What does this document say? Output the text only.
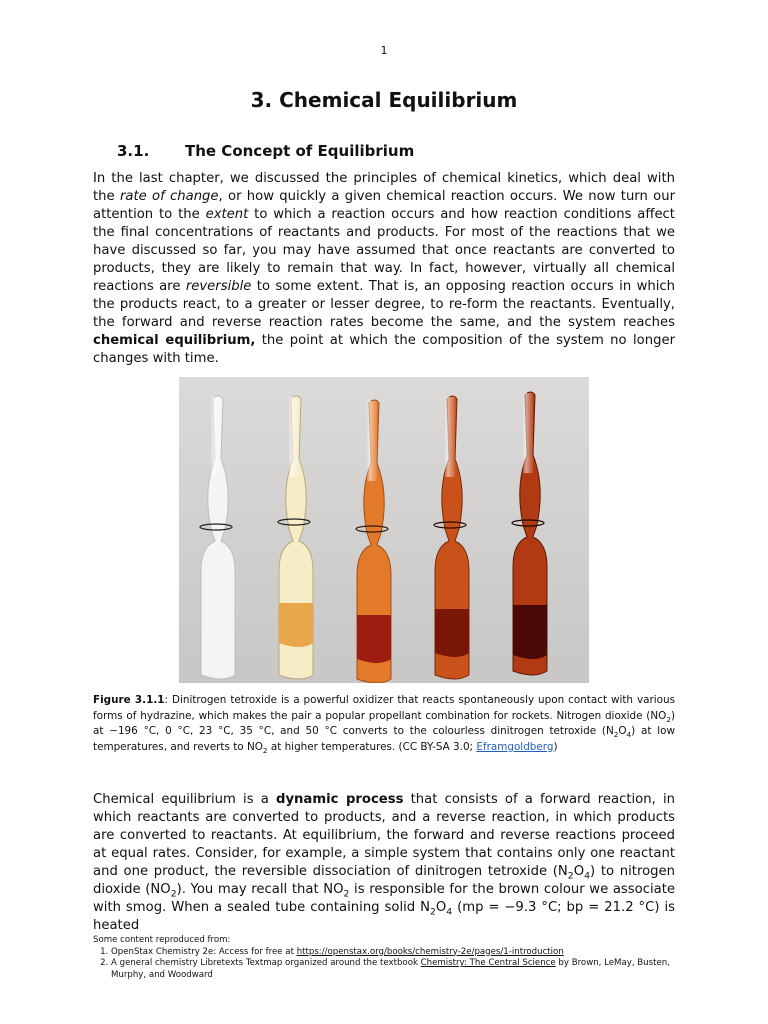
1
3. Chemical Equilibrium
3.1. The Concept of Equilibrium

In the last chapter, we discussed the principles of chemical kinetics, which deal with the rate of change, or how quickly a given chemical reaction occurs. We now turn our attention to the extent to which a reaction occurs and how reaction conditions affect the final concentrations of reactants and products. For most of the reactions that we have discussed so far, you may have assumed that once reactants are converted to products, they are likely to remain that way. In fact, however, virtually all chemical reactions are reversible to some extent. That is, an opposing reaction occurs in which the products react, to a greater or lesser degree, to re-form the reactants. Eventually, the forward and reverse reaction rates become the same, and the system reaches chemical equilibrium, the point at which the composition of the system no longer changes with time.

Figure 3.1.1: Dinitrogen tetroxide is a powerful oxidizer that reacts spontaneously upon contact with various forms of hydrazine, which makes the pair a popular propellant combination for rockets. Nitrogen dioxide $(NO_2)$ at −196 °C, 0 °C, 23 °C, 35 °C, and 50 °C converts to the colourless dinitrogen tetroxide $(N_2O_4)$ at low temperatures, and reverts to $NO_2$ at higher temperatures. (CC BY-SA 3.0; Eframgoldberg)

Chemical equilibrium is a dynamic process that consists of a forward reaction, in which reactants are converted to products, and a reverse reaction, in which products are converted to reactants. At equilibrium, the forward and reverse reactions proceed at equal rates. Consider, for example, a simple system that contains only one reactant and one product, the reversible dissociation of dinitrogen tetroxide $(N_2O_4)$ to nitrogen dioxide $(NO_2)$. You may recall that $NO_2$ is responsible for the brown colour we associate with smog. When a sealed tube containing solid $N_2O_4$ (mp = −9.3 °C; bp = 21.2 °C) is heated

Some content reproduced from:
1. OpenStax Chemistry 2e: Access for free at https://openstax.org/books/chemistry-2e/pages/1-introduction
2. A general chemistry Libretexts Textmap organized around the textbook Chemistry: The Central Science by Brown, LeMay, Busten, Murphy, and Woodward
